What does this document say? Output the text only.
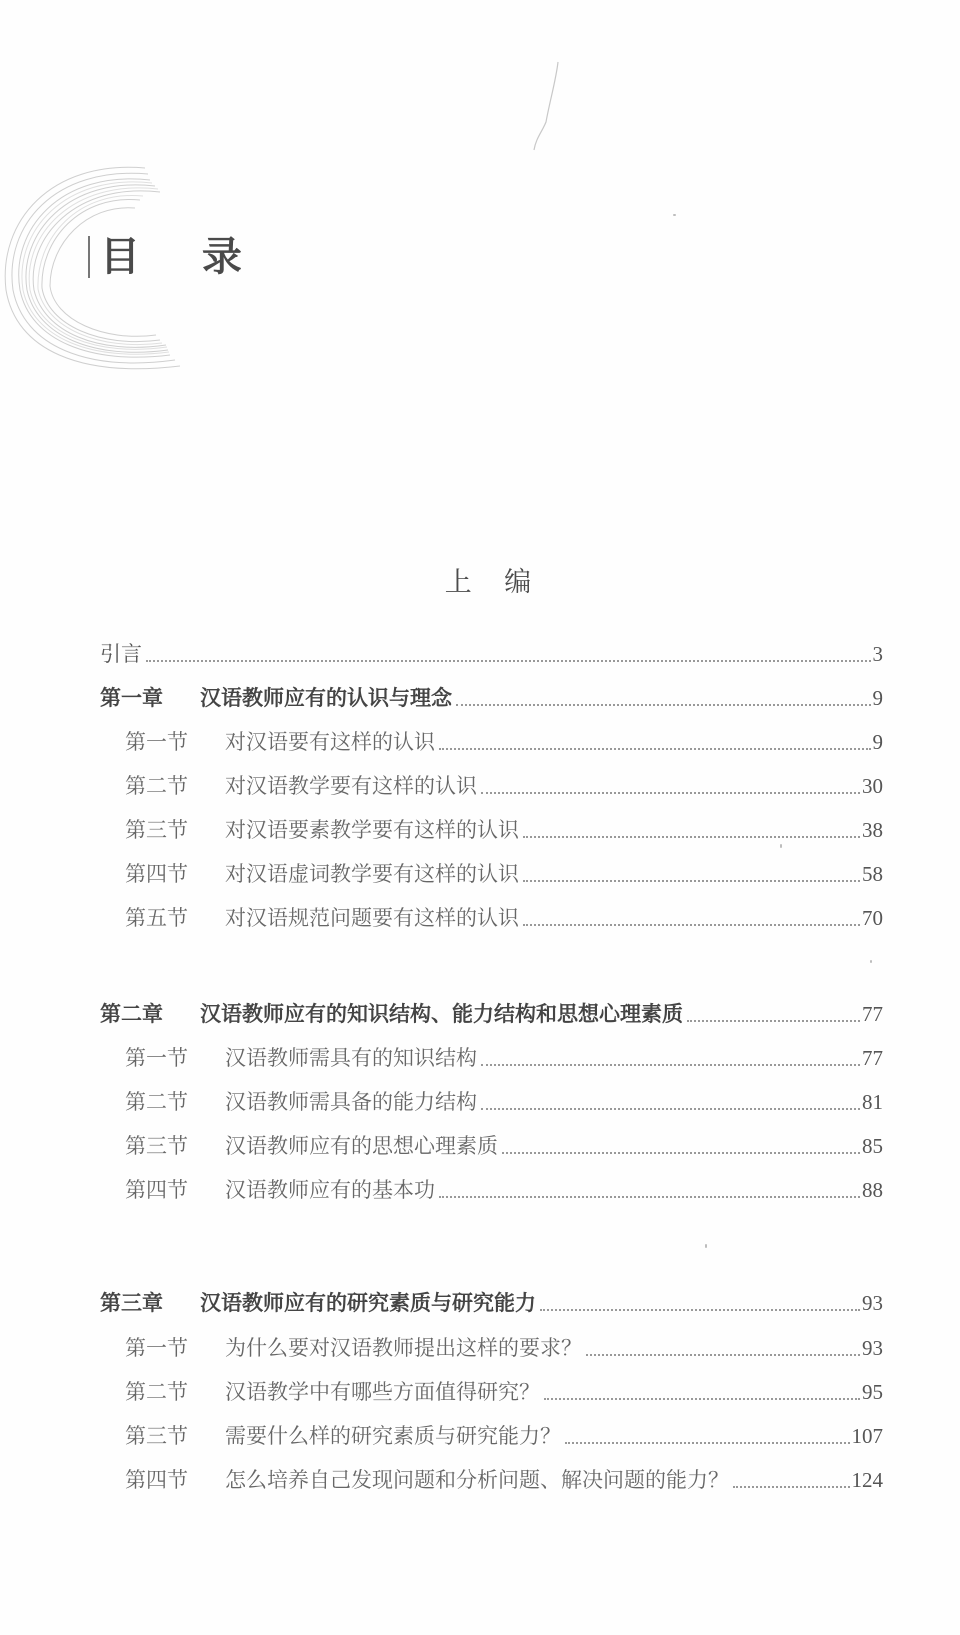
目 录
上 编
引言	3
第一章	汉语教师应有的认识与理念	9
第一节	对汉语要有这样的认识	9
第二节	对汉语教学要有这样的认识	30
第三节	对汉语要素教学要有这样的认识	38
第四节	对汉语虚词教学要有这样的认识	58
第五节	对汉语规范问题要有这样的认识	70
第二章	汉语教师应有的知识结构、能力结构和思想心理素质	77
第一节	汉语教师需具有的知识结构	77
第二节	汉语教师需具备的能力结构	81
第三节	汉语教师应有的思想心理素质	85
第四节	汉语教师应有的基本功	88
第三章	汉语教师应有的研究素质与研究能力	93
第一节	为什么要对汉语教师提出这样的要求？	93
第二节	汉语教学中有哪些方面值得研究？	95
第三节	需要什么样的研究素质与研究能力？	107
第四节	怎么培养自己发现问题和分析问题、解决问题的能力？	124
